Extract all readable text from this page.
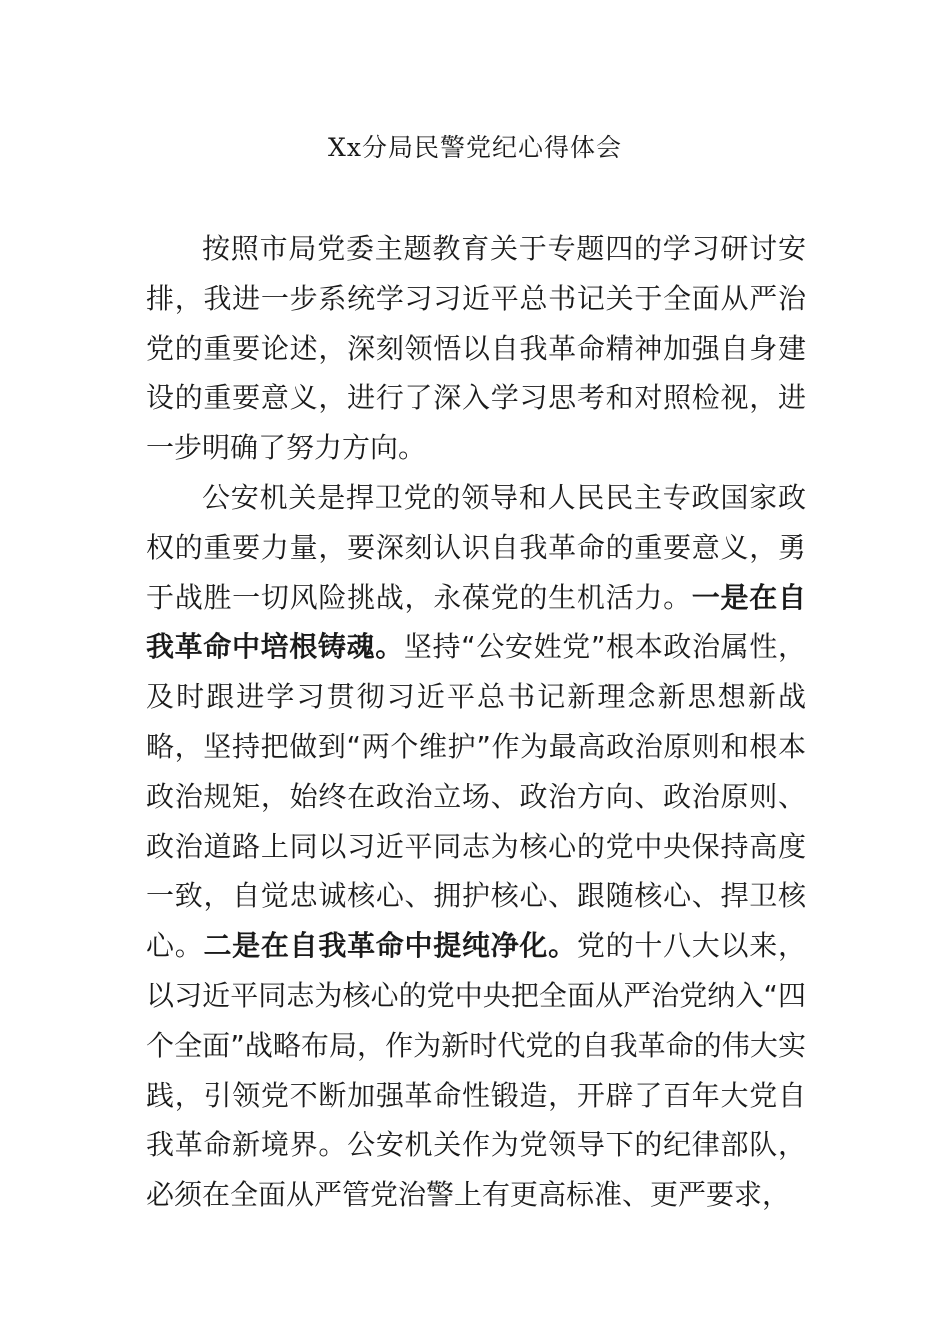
Xx分局民警党纪心得体会

按照市局党委主题教育关于专题四的学习研讨安排，我进一步系统学习习近平总书记关于全面从严治党的重要论述，深刻领悟以自我革命精神加强自身建设的重要意义，进行了深入学习思考和对照检视，进一步明确了努力方向。

公安机关是捍卫党的领导和人民民主专政国家政权的重要力量，要深刻认识自我革命的重要意义，勇于战胜一切风险挑战，永葆党的生机活力。一是在自我革命中培根铸魂。坚持“公安姓党”根本政治属性，及时跟进学习贯彻习近平总书记新理念新思想新战略，坚持把做到“两个维护”作为最高政治原则和根本政治规矩，始终在政治立场、政治方向、政治原则、政治道路上同以习近平同志为核心的党中央保持高度一致，自觉忠诚核心、拥护核心、跟随核心、捍卫核心。二是在自我革命中提纯净化。党的十八大以来，以习近平同志为核心的党中央把全面从严治党纳入“四个全面”战略布局，作为新时代党的自我革命的伟大实践，引领党不断加强革命性锻造，开辟了百年大党自我革命新境界。公安机关作为党领导下的纪律部队，必须在全面从严管党治警上有更高标准、更严要求，
